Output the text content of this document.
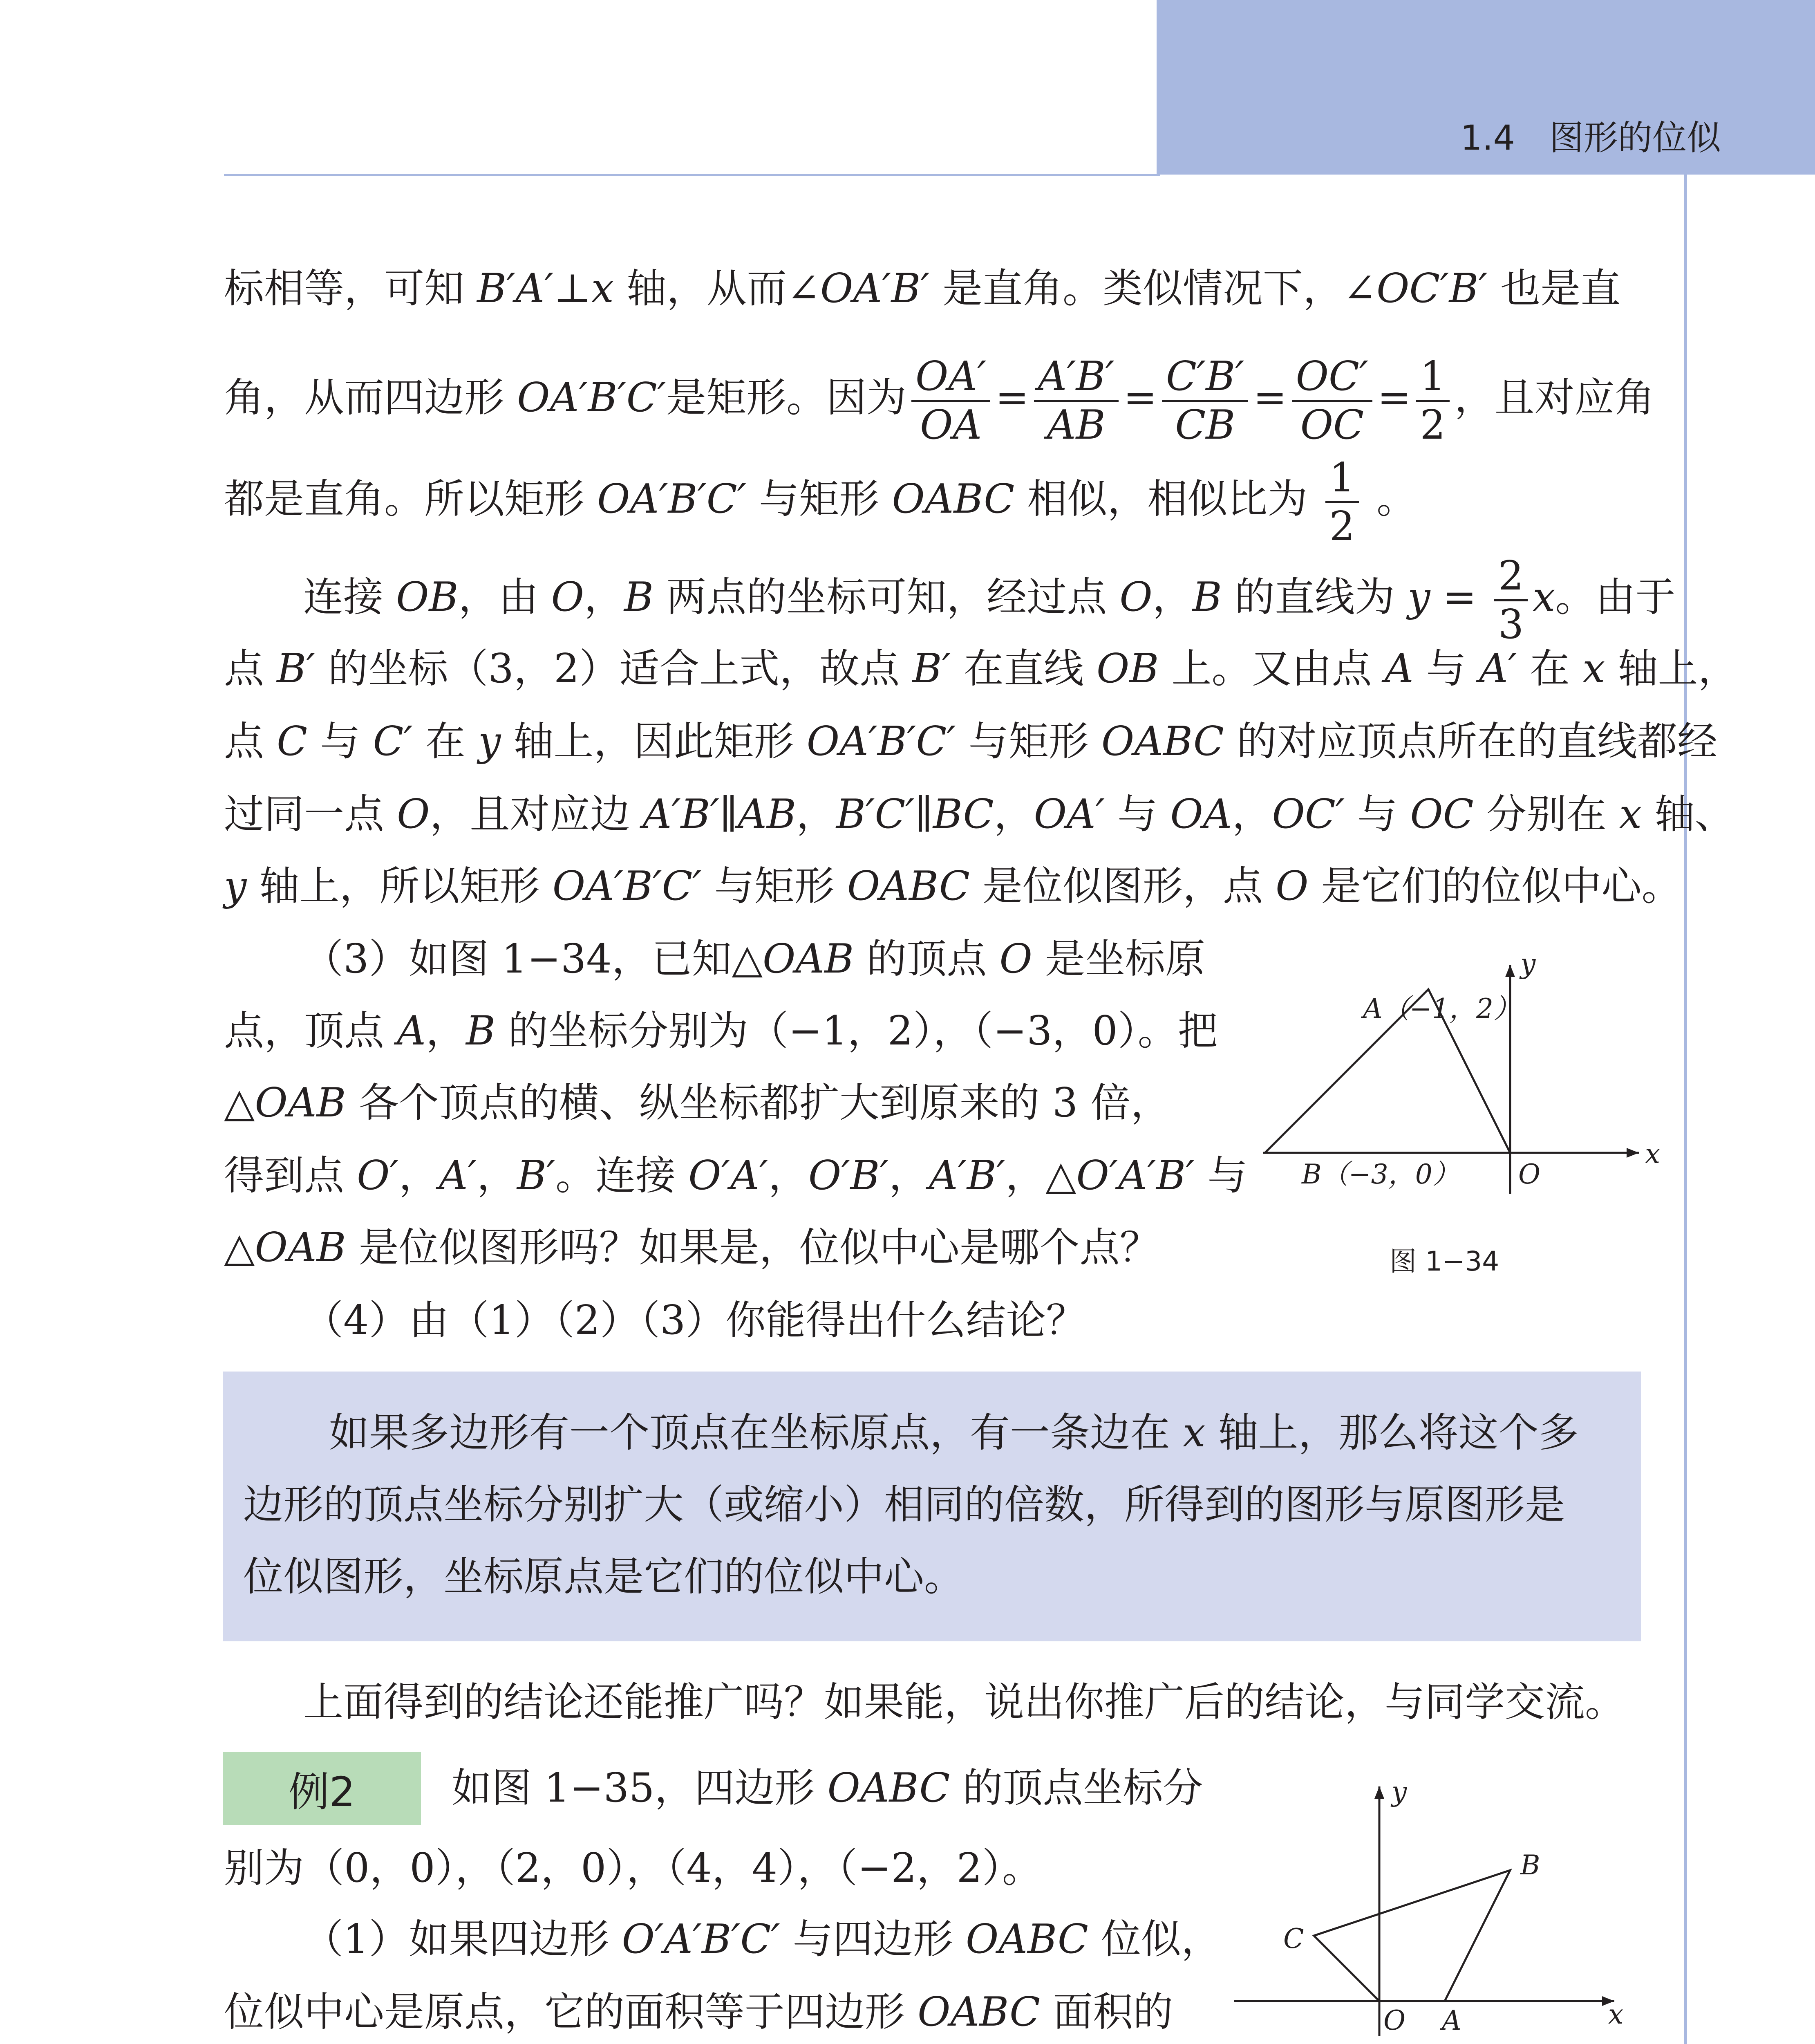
1.4　图形的位似
标相等，可知 B′A′⊥x 轴，从而∠OA′B′ 是直角。类似情况下，∠OC′B′ 也是直
角，从而四边形 OA′B′C′是矩形。因为 $\frac{OA'}{OA} = \frac{A'B'}{AB} = \frac{C'B'}{CB} = \frac{OC'}{OC} = \frac{1}{2}$ ，且对应角
都是直角。所以矩形 OA′B′C′ 与矩形 OABC 相似，相似比为 $\frac{1}{2}$ 。
连接 OB，由 O，B 两点的坐标可知，经过点 O，B 的直线为 $y = \frac{2}{3}$ x。由于
点 B′ 的坐标（3，2）适合上式，故点 B′ 在直线 OB 上。又由点 A 与 A′ 在 x 轴上，
点 C 与 C′ 在 y 轴上，因此矩形 OA′B′C′ 与矩形 OABC 的对应顶点所在的直线都经
过同一点 O，且对应边 A′B′∥AB，B′C′∥BC，OA′ 与 OA，OC′ 与 OC 分别在 x 轴、
y 轴上，所以矩形 OA′B′C′ 与矩形 OABC 是位似图形，点 O 是它们的位似中心。
（3）如图 1−34，已知△OAB 的顶点 O 是坐标原
点，顶点 A，B 的坐标分别为（−1，2），（−3，0）。把
△OAB 各个顶点的横、纵坐标都扩大到原来的 3 倍，
得到点 O′，A′，B′。连接 O′A′，O′B′，A′B′，△O′A′B′ 与
△OAB 是位似图形吗？如果是，位似中心是哪个点？
（4）由（1）（2）（3）你能得出什么结论？
y
x
O
A（−1，2）
B（−3，0）
图 1−34
如果多边形有一个顶点在坐标原点，有一条边在 x 轴上，那么将这个多
边形的顶点坐标分别扩大（或缩小）相同的倍数，所得到的图形与原图形是
位似图形，坐标原点是它们的位似中心。
上面得到的结论还能推广吗？如果能，说出你推广后的结论，与同学交流。
例2	如图 1−35，四边形 OABC 的顶点坐标分
别为（0，0），（2，0），（4，4），（−2，2）。
（1）如果四边形 O′A′B′C′ 与四边形 OABC 位似，
位似中心是原点，它的面积等于四边形 OABC 面积的
y
x
O A
B
C
